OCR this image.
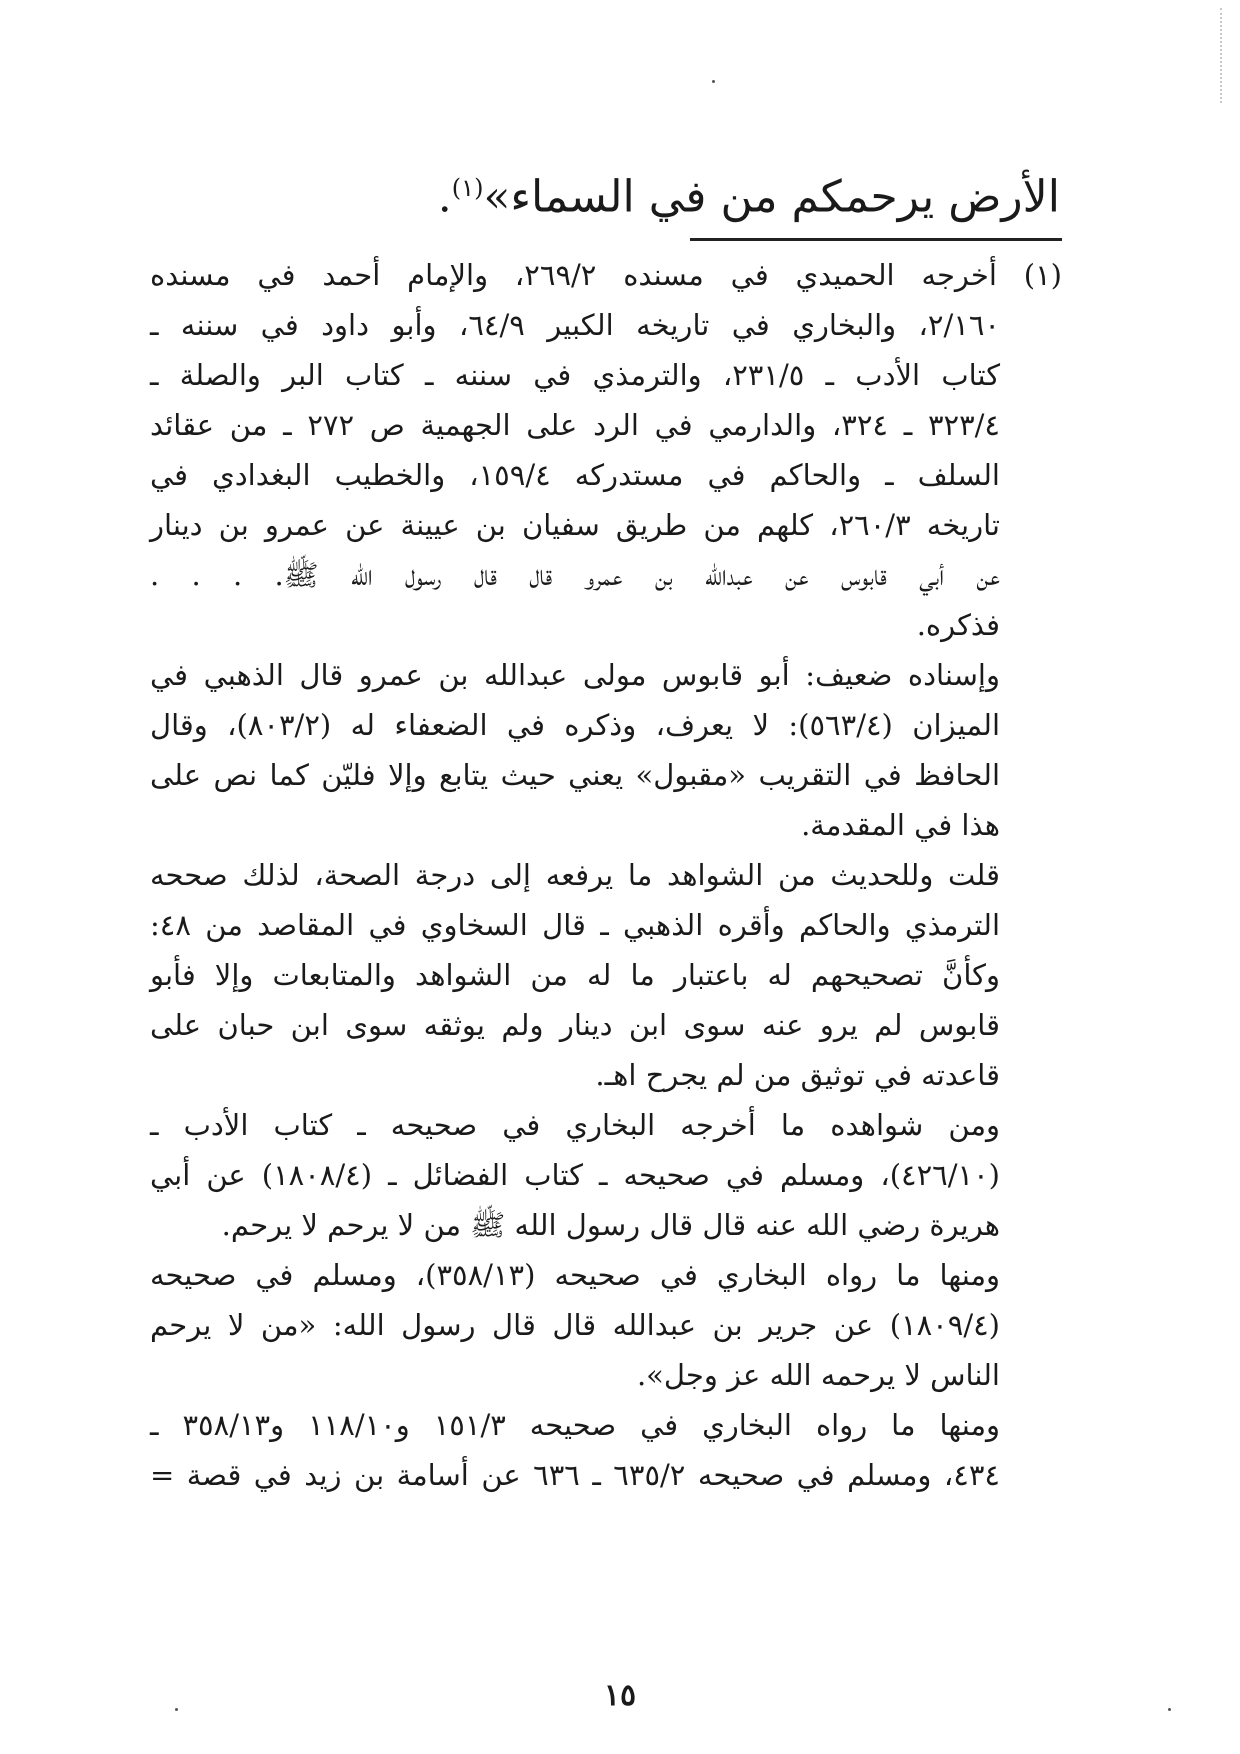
الأرض يرحمكم من في السماء»$^{(١)}$.
(١) أخرجه الحميدي في مسنده ٢٦٩/٢، والإمام أحمد في مسنده
٢/١٦٠، والبخاري في تاريخه الكبير ٦٤/٩، وأبو داود في سننه ـ
كتاب الأدب ـ ٢٣١/٥، والترمذي في سننه ـ كتاب البر والصلة ـ
٣٢٣/٤ ـ ٣٢٤، والدارمي في الرد على الجهمية ص ٢٧٢ ـ من عقائد
السلف ـ والحاكم في مستدركه ١٥٩/٤، والخطيب البغدادي في
تاريخه ٢٦٠/٣، كلهم من طريق سفيان بن عيينة عن عمرو بن دينار
عن أبي قابوس عن عبدالله بن عمرو قال قال رسول الله ﷺ. . . .
فذكره.
وإسناده ضعيف: أبو قابوس مولى عبدالله بن عمرو قال الذهبي في
الميزان (٥٦٣/٤): لا يعرف، وذكره في الضعفاء له (٨٠٣/٢)، وقال
الحافظ في التقريب «مقبول» يعني حيث يتابع وإلا فليّن كما نص على
هذا في المقدمة.
قلت وللحديث من الشواهد ما يرفعه إلى درجة الصحة، لذلك صححه
الترمذي والحاكم وأقره الذهبي ـ قال السخاوي في المقاصد من ٤٨:
وكأنَّ تصحيحهم له باعتبار ما له من الشواهد والمتابعات وإلا فأبو
قابوس لم يرو عنه سوى ابن دينار ولم يوثقه سوى ابن حبان على
قاعدته في توثيق من لم يجرح اهـ.
ومن شواهده ما أخرجه البخاري في صحيحه ـ كتاب الأدب ـ
(٤٢٦/١٠)، ومسلم في صحيحه ـ كتاب الفضائل ـ (١٨٠٨/٤) عن أبي
هريرة رضي الله عنه قال قال رسول الله ﷺ من لا يرحم لا يرحم.
ومنها ما رواه البخاري في صحيحه (٣٥٨/١٣)، ومسلم في صحيحه
(١٨٠٩/٤) عن جرير بن عبدالله قال قال رسول الله: «من لا يرحم
الناس لا يرحمه الله عز وجل».
ومنها ما رواه البخاري في صحيحه ١٥١/٣ و١١٨/١٠ و٣٥٨/١٣ ـ
٤٣٤، ومسلم في صحيحه ٦٣٥/٢ ـ ٦٣٦ عن أسامة بن زيد في قصة =
١٥
